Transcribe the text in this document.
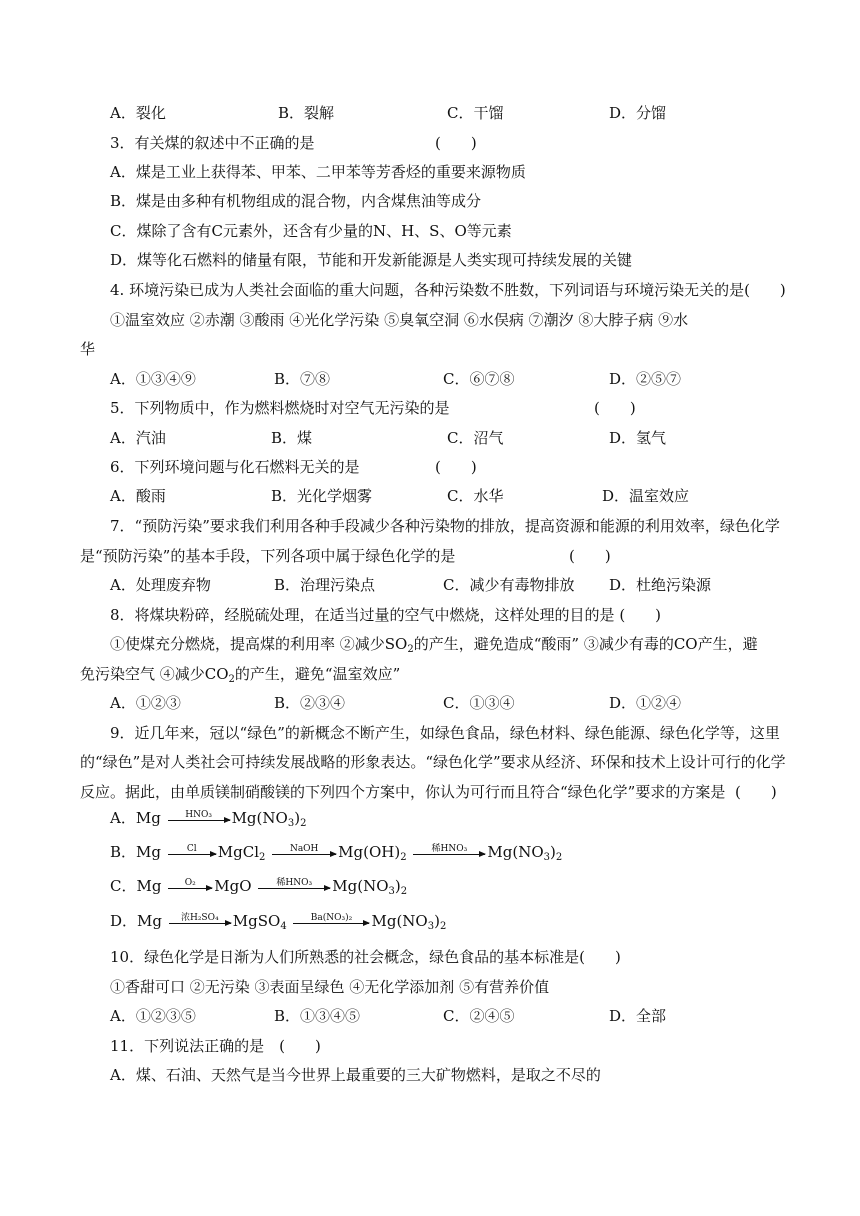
A．裂化	B．裂解	C．干馏	D．分馏
3．有关煤的叙述中不正确的是	(　　)
A．煤是工业上获得苯、甲苯、二甲苯等芳香烃的重要来源物质
B．煤是由多种有机物组成的混合物，内含煤焦油等成分
C．煤除了含有C元素外，还含有少量的N、H、S、O等元素
D．煤等化石燃料的储量有限，节能和开发新能源是人类实现可持续发展的关键
4. 环境污染已成为人类社会面临的重大问题，各种污染数不胜数，下列词语与环境污染无关的是(　　)
①温室效应 ②赤潮 ③酸雨 ④光化学污染 ⑤臭氧空洞 ⑥水俣病 ⑦潮汐 ⑧大脖子病 ⑨水
华
A．①③④⑨	B．⑦⑧	C．⑥⑦⑧	D．②⑤⑦
5．下列物质中，作为燃料燃烧时对空气无污染的是	(　　)
A．汽油	B．煤	C．沼气	D．氢气
6．下列环境问题与化石燃料无关的是	(　　)
A．酸雨	B．光化学烟雾	C．水华	D．温室效应
7．“预防污染”要求我们利用各种手段减少各种污染物的排放，提高资源和能源的利用效率，绿色化学
是“预防污染”的基本手段，下列各项中属于绿色化学的是	(　　)
A．处理废弃物	B．治理污染点	C．减少有毒物排放 D．杜绝污染源
8．将煤块粉碎，经脱硫处理，在适当过量的空气中燃烧，这样处理的目的是 (　　)
①使煤充分燃烧，提高煤的利用率 ②减少$SO_2$的产生，避免造成“酸雨” ③减少有毒的CO产生，避
免污染空气 ④减少$CO_2$的产生，避免“温室效应”
A．①②③	B．②③④	C．①③④	D．①②④
9．近几年来，冠以“绿色”的新概念不断产生，如绿色食品，绿色材料、绿色能源、绿色化学等，这里
的“绿色”是对人类社会可持续发展战略的形象表达。“绿色化学”要求从经济、环保和技术上设计可行的化学
反应。据此，由单质镁制硝酸镁的下列四个方案中，你认为可行而且符合“绿色化学”要求的方案是 (　　)
A．Mg	HNO₃	$Mg(NO_3)_2$
B．Mg	Cl	MgCl$_2$
NaOH	$Mg(OH)_2$
稀HNO₃	$Mg(NO_3)_2$
C．Mg	O₂	MgO	稀HNO₃	$Mg(NO_3)_2$
D．Mg	浓H₂SO₄ MgSO$_4$
Ba(NO₃)₂	$Mg(NO_3)_2$
10．绿色化学是日渐为人们所熟悉的社会概念，绿色食品的基本标准是(　　)
①香甜可口 ②无污染 ③表面呈绿色 ④无化学添加剂 ⑤有营养价值
A．①②③⑤	B．①③④⑤	C．②④⑤	D．全部
11．下列说法正确的是　(　　)
A．煤、石油、天然气是当今世界上最重要的三大矿物燃料，是取之不尽的
